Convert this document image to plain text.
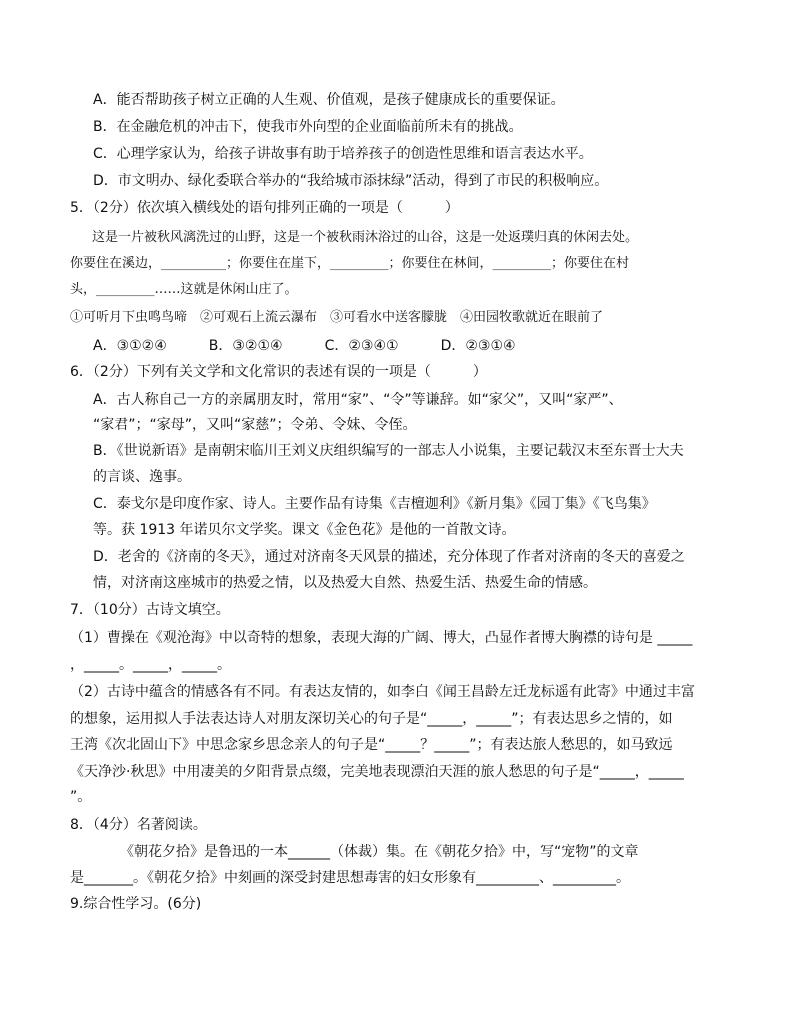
A．能否帮助孩子树立正确的人生观、价值观，是孩子健康成长的重要保证。
B．在金融危机的冲击下，使我市外向型的企业面临前所未有的挑战。
C．心理学家认为，给孩子讲故事有助于培养孩子的创造性思维和语言表达水平。
D．市文明办、绿化委联合举办的“我给城市添抹绿”活动，得到了市民的积极响应。
5．（2分）依次填入横线处的语句排列正确的一项是（　　　）
这是一片被秋风漓洗过的山野，这是一个被秋雨沐浴过的山谷，这是一处返璞归真的休闲去处。
你要住在溪边，__________；你要住在崖下，_________；你要住在林间，_________；你要住在村
头，_________……这就是休闲山庄了。
①可听月下虫鸣鸟啼　②可观石上流云瀑布　③可看水中送客朦胧　④田园牧歌就近在眼前了
A．③①②④　　　B．③②①④　　　C．②③④①　　　D．②③①④
6．（2分）下列有关文学和文化常识的表述有误的一项是（　　　）
A．古人称自己一方的亲属朋友时，常用“家”、“令”等谦辞。如“家父”，又叫“家严”、
“家君”；“家母”，又叫“家慈”；令弟、令妹、令侄。
B．《世说新语》是南朝宋临川王刘义庆组织编写的一部志人小说集，主要记载汉末至东晋士大夫
的言谈、逸事。
C．泰戈尔是印度作家、诗人。主要作品有诗集《吉檀迦利》《新月集》《园丁集》《飞鸟集》
等。获 1913 年诺贝尔文学奖。课文《金色花》是他的一首散文诗。
D．老舍的《济南的冬天》，通过对济南冬天风景的描述，充分体现了作者对济南的冬天的喜爱之
情，对济南这座城市的热爱之情，以及热爱大自然、热爱生活、热爱生命的情感。
7．（10分）古诗文填空。
（1）曹操在《观沧海》中以奇特的想象，表现大海的广阔、博大，凸显作者博大胸襟的诗句是 _____
，_____。_____，_____。
（2）古诗中蕴含的情感各有不同。有表达友情的，如李白《闻王昌龄左迁龙标遥有此寄》中通过丰富
的想象，运用拟人手法表达诗人对朋友深切关心的句子是“_____，_____”；有表达思乡之情的，如
王湾《次北固山下》中思念家乡思念亲人的句子是“_____？_____”；有表达旅人愁思的，如马致远
《天净沙·秋思》中用凄美的夕阳背景点缀，完美地表现漂泊天涯的旅人愁思的句子是“_____，_____
”。
8．（4分）名著阅读。
《朝花夕拾》是鲁迅的一本______（体裁）集。在《朝花夕拾》中，写“宠物”的文章
是_______。《朝花夕拾》中刻画的深受封建思想毒害的妇女形象有_________、_________。
9.综合性学习。(6分)
